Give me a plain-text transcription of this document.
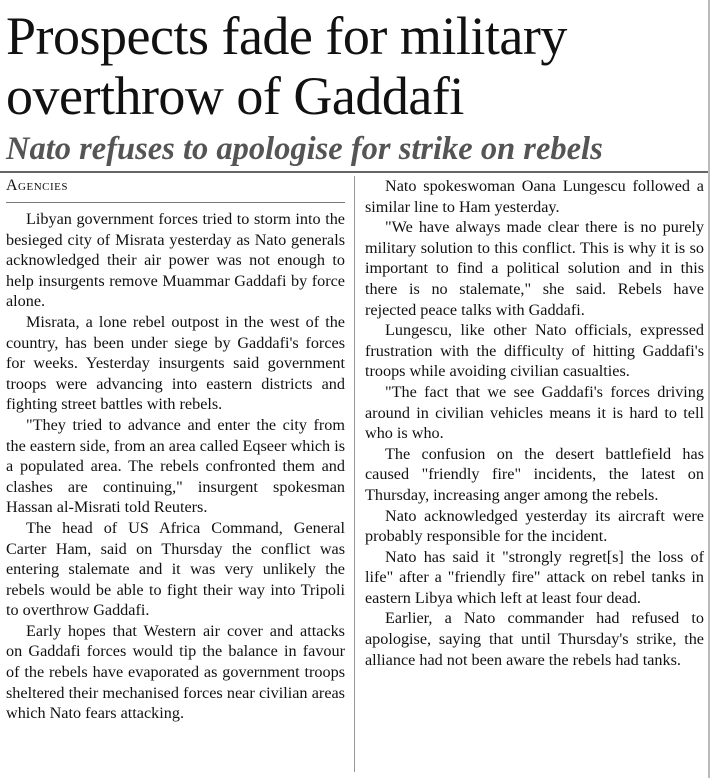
Prospects fade for military overthrow of Gaddafi
Nato refuses to apologise for strike on rebels
Agencies

Libyan government forces tried to storm into the besieged city of Misrata yesterday as Nato generals acknowledged their air power was not enough to help insurgents remove Muammar Gaddafi by force alone.

Misrata, a lone rebel outpost in the west of the country, has been under siege by Gaddafi's forces for weeks. Yesterday insurgents said government troops were advancing into eastern districts and fighting street battles with rebels.

"They tried to advance and enter the city from the eastern side, from an area called Eqseer which is a populated area. The rebels confronted them and clashes are continuing," insurgent spokesman Hassan al-Misrati told Reuters.

The head of US Africa Command, General Carter Ham, said on Thursday the conflict was entering stalemate and it was very unlikely the rebels would be able to fight their way into Tripoli to overthrow Gaddafi.

Early hopes that Western air cover and attacks on Gaddafi forces would tip the balance in favour of the rebels have evaporated as government troops sheltered their mechanised forces near civilian areas which Nato fears attacking.

Nato spokeswoman Oana Lungescu followed a similar line to Ham yesterday.

"We have always made clear there is no purely military solution to this conflict. This is why it is so important to find a political solution and in this there is no stalemate," she said. Rebels have rejected peace talks with Gaddafi.

Lungescu, like other Nato officials, expressed frustration with the difficulty of hitting Gaddafi's troops while avoiding civilian casualties.

"The fact that we see Gaddafi's forces driving around in civilian vehicles means it is hard to tell who is who.

The confusion on the desert battlefield has caused "friendly fire" incidents, the latest on Thursday, increasing anger among the rebels.

Nato acknowledged yesterday its aircraft were probably responsible for the incident.

Nato has said it "strongly regret[s] the loss of life" after a "friendly fire" attack on rebel tanks in eastern Libya which left at least four dead.

Earlier, a Nato commander had refused to apologise, saying that until Thursday's strike, the alliance had not been aware the rebels had tanks.
